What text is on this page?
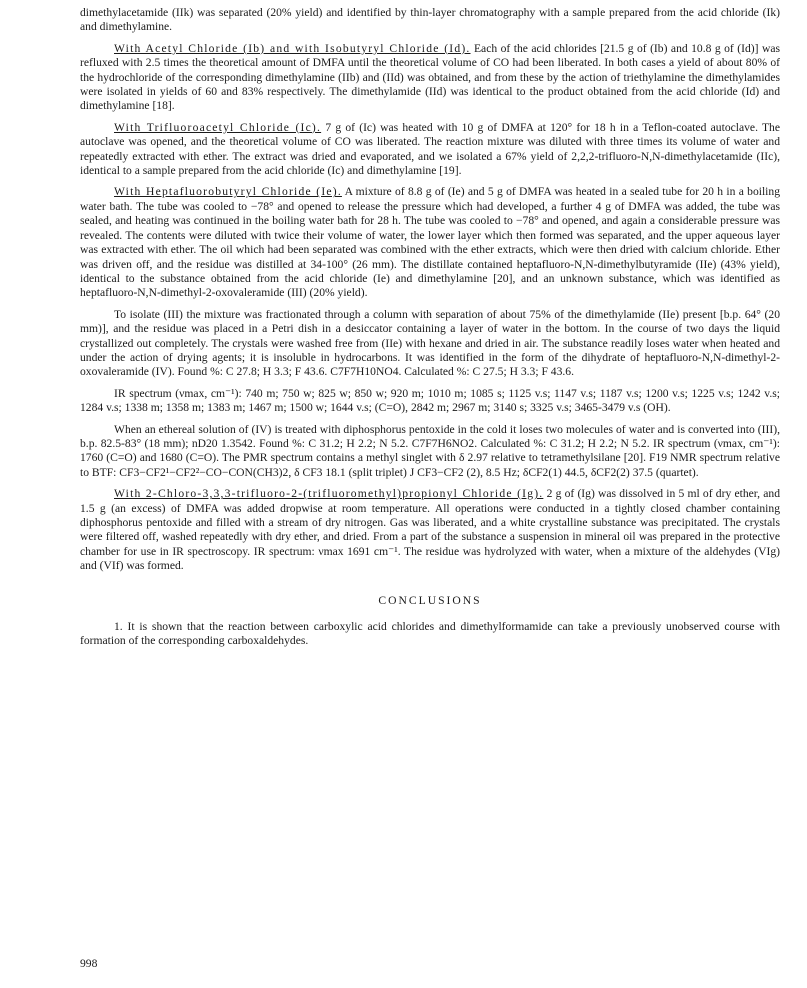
dimethylacetamide (IIk) was separated (20% yield) and identified by thin-layer chromatography with a sample prepared from the acid chloride (Ik) and dimethylamine.

With Acetyl Chloride (Ib) and with Isobutyryl Chloride (Id). Each of the acid chlorides [21.5 g of (Ib) and 10.8 g of (Id)] was refluxed with 2.5 times the theoretical amount of DMFA until the theoretical volume of CO had been liberated. In both cases a yield of about 80% of the hydrochloride of the corresponding dimethylamine (IIb) and (IId) was obtained, and from these by the action of triethylamine the dimethylamides were isolated in yields of 60 and 83% respectively. The dimethylamide (IId) was identical to the product obtained from the acid chloride (Id) and dimethylamine [18].

With Trifluoroacetyl Chloride (Ic). 7 g of (Ic) was heated with 10 g of DMFA at 120° for 18 h in a Teflon-coated autoclave. The autoclave was opened, and the theoretical volume of CO was liberated. The reaction mixture was diluted with three times its volume of water and repeatedly extracted with ether. The extract was dried and evaporated, and we isolated a 67% yield of 2,2,2-trifluoro-N,N-dimethylacetamide (IIc), identical to a sample prepared from the acid chloride (Ic) and dimethylamine [19].

With Heptafluorobutyryl Chloride (Ie). A mixture of 8.8 g of (Ie) and 5 g of DMFA was heated in a sealed tube for 20 h in a boiling water bath. The tube was cooled to −78° and opened to release the pressure which had developed, a further 4 g of DMFA was added, the tube was sealed, and heating was continued in the boiling water bath for 28 h. The tube was cooled to −78° and opened, and again a considerable pressure was revealed. The contents were diluted with twice their volume of water, the lower layer which then formed was separated, and the upper aqueous layer was extracted with ether. The oil which had been separated was combined with the ether extracts, which were then dried with calcium chloride. Ether was driven off, and the residue was distilled at 34-100° (26 mm). The distillate contained heptafluoro-N,N-dimethylbutyramide (IIe) (43% yield), identical to the substance obtained from the acid chloride (Ie) and dimethylamine [20], and an unknown substance, which was identified as heptafluoro-N,N-dimethyl-2-oxovaleramide (III) (20% yield).

To isolate (III) the mixture was fractionated through a column with separation of about 75% of the dimethylamide (IIe) present [b.p. 64° (20 mm)], and the residue was placed in a Petri dish in a desiccator containing a layer of water in the bottom. In the course of two days the liquid crystallized out completely. The crystals were washed free from (IIe) with hexane and dried in air. The substance readily loses water when heated and under the action of drying agents; it is insoluble in hydrocarbons. It was identified in the form of the dihydrate of heptafluoro-N,N-dimethyl-2-oxovaleramide (IV). Found %: C 27.8; H 3.3; F 43.6. C7F7H10NO4. Calculated %: C 27.5; H 3.3; F 43.6.

IR spectrum (νmax, cm⁻¹): 740 m; 750 w; 825 w; 850 w; 920 m; 1010 m; 1085 s; 1125 v.s; 1147 v.s; 1187 v.s; 1200 v.s; 1225 v.s; 1242 v.s; 1284 v.s; 1338 m; 1358 m; 1383 m; 1467 m; 1500 w; 1644 v.s; (C=O), 2842 m; 2967 m; 3140 s; 3325 v.s; 3465-3479 v.s (OH).

When an ethereal solution of (IV) is treated with diphosphorus pentoxide in the cold it loses two molecules of water and is converted into (III), b.p. 82.5-83° (18 mm); nD20 1.3542. Found %: C 31.2; H 2.2; N 5.2. C7F7H6NO2. Calculated %: C 31.2; H 2.2; N 5.2. IR spectrum (νmax, cm⁻¹): 1760 (C=O) and 1680 (C=O). The PMR spectrum contains a methyl singlet with δ 2.97 relative to tetramethylsilane [20]. F19 NMR spectrum relative to BTF: CF3−CF2¹−CF2²−CO−CON(CH3)2, δ CF3 18.1 (split triplet) J CF3−CF2 (2), 8.5 Hz; δCF2(1) 44.5, δCF2(2) 37.5 (quartet).

With 2-Chloro-3,3,3-trifluoro-2-(trifluoromethyl)propionyl Chloride (Ig). 2 g of (Ig) was dissolved in 5 ml of dry ether, and 1.5 g (an excess) of DMFA was added dropwise at room temperature. All operations were conducted in a tightly closed chamber containing diphosphorus pentoxide and filled with a stream of dry nitrogen. Gas was liberated, and a white crystalline substance was precipitated. The crystals were filtered off, washed repeatedly with dry ether, and dried. From a part of the substance a suspension in mineral oil was prepared in the protective chamber for use in IR spectroscopy. IR spectrum: νmax 1691 cm⁻¹. The residue was hydrolyzed with water, when a mixture of the aldehydes (VIg) and (VIf) was formed.

CONCLUSIONS

1. It is shown that the reaction between carboxylic acid chlorides and dimethylformamide can take a previously unobserved course with formation of the corresponding carboxaldehydes.

998
